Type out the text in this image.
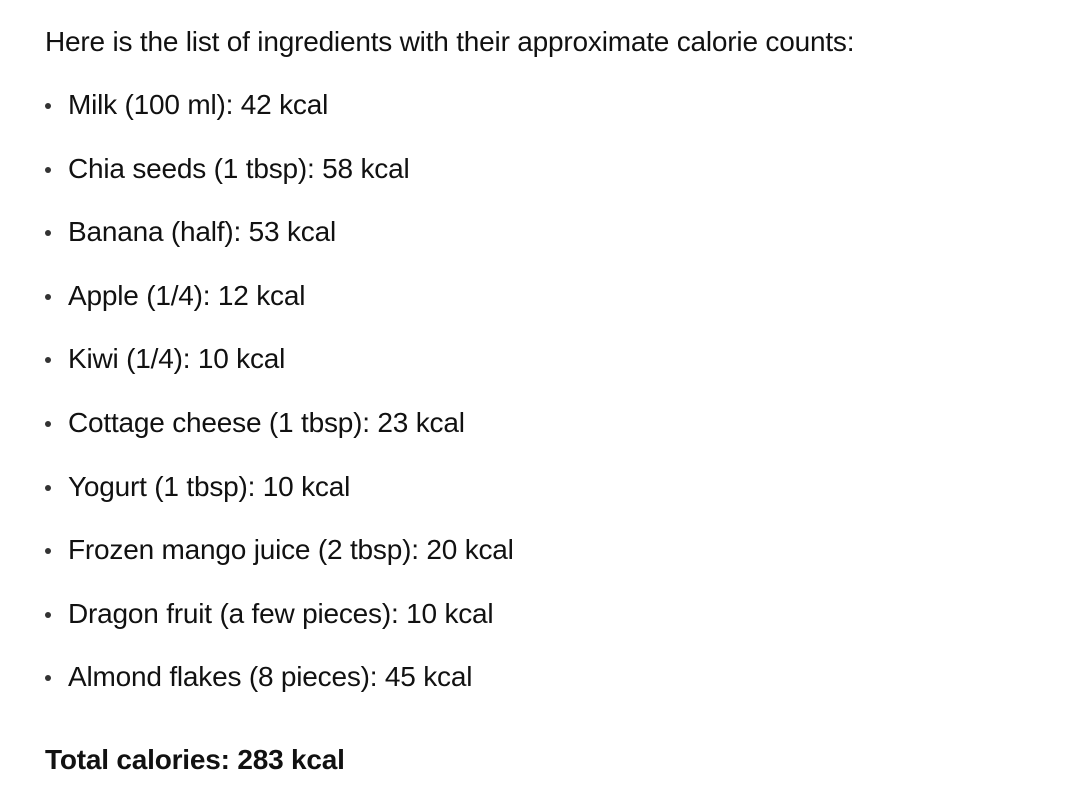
Here is the list of ingredients with their approximate calorie counts:

Milk (100 ml): 42 kcal
Chia seeds (1 tbsp): 58 kcal
Banana (half): 53 kcal
Apple (1/4): 12 kcal
Kiwi (1/4): 10 kcal
Cottage cheese (1 tbsp): 23 kcal
Yogurt (1 tbsp): 10 kcal
Frozen mango juice (2 tbsp): 20 kcal
Dragon fruit (a few pieces): 10 kcal
Almond flakes (8 pieces): 45 kcal

Total calories: 283 kcal
